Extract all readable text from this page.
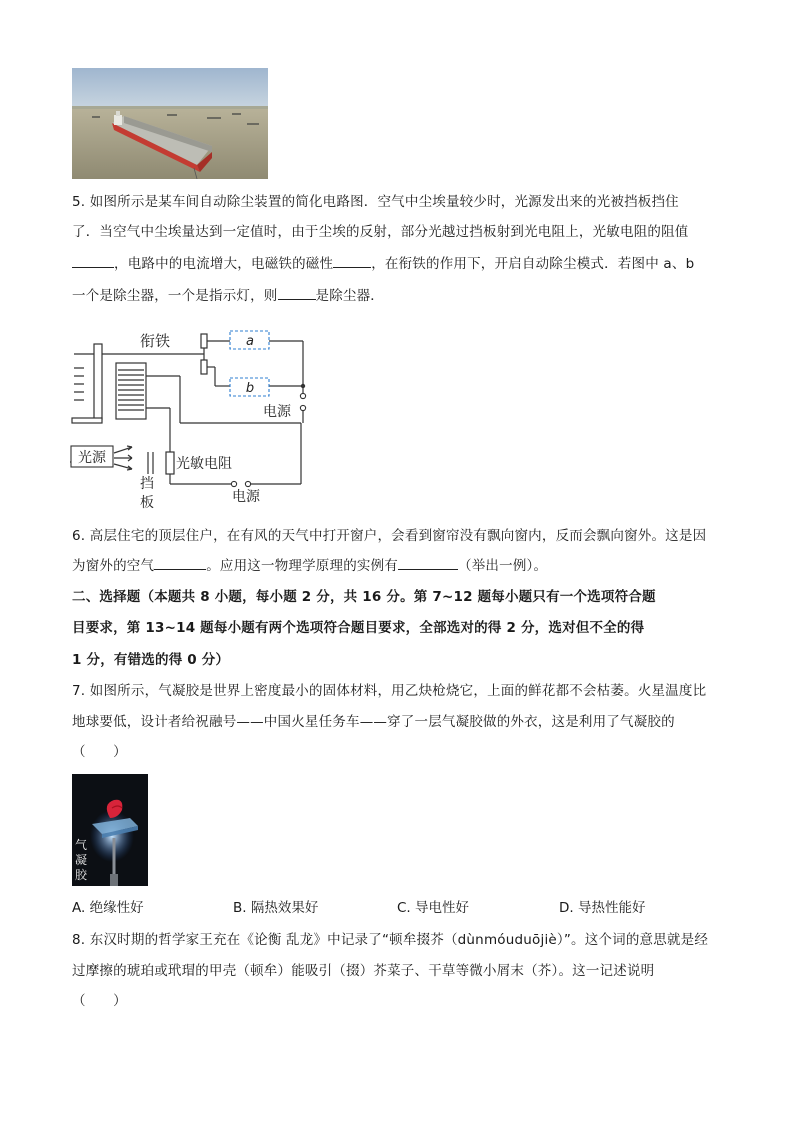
5. 如图所示是某车间自动除尘装置的简化电路图．空气中尘埃量较少时，光源发出来的光被挡板挡住
了．当空气中尘埃量达到一定值时，由于尘埃的反射，部分光越过挡板射到光电阻上，光敏电阻的阻值
，电路中的电流增大，电磁铁的磁性	，在衔铁的作用下，开启自动除尘模式．若图中 a、b
一个是除尘器，一个是指示灯，则	是除尘器．
衔铁	a
b
电源
光源	光敏电阻
挡
板	电源
6. 高层住宅的顶层住户，在有风的天气中打开窗户，会看到窗帘没有飘向窗内，反而会飘向窗外。这是因
为窗外的空气	。应用这一物理学原理的实例有	（举出一例）。
二、选择题（本题共 8 小题，每小题 2 分，共 16 分。第 7~12 题每小题只有一个选项符合题
目要求，第 13~14 题每小题有两个选项符合题目要求，全部选对的得 2 分，选对但不全的得
1 分，有错选的得 0 分）
7. 如图所示，气凝胶是世界上密度最小的固体材料，用乙炔枪烧它，上面的鲜花都不会枯萎。火星温度比
地球要低，设计者给祝融号——中国火星任务车——穿了一层气凝胶做的外衣，这是利用了气凝胶的
（　　）
气
凝
胶
A. 绝缘性好	B. 隔热效果好	C. 导电性好	D. 导热性能好
8. 东汉时期的哲学家王充在《论衡 乱龙》中记录了“顿牟掇芥（dùnmóuduōjiè）”。这个词的意思就是经
过摩擦的琥珀或玳瑁的甲壳（顿牟）能吸引（掇）芥菜子、干草等微小屑末（芥）。这一记述说明
（　　）
